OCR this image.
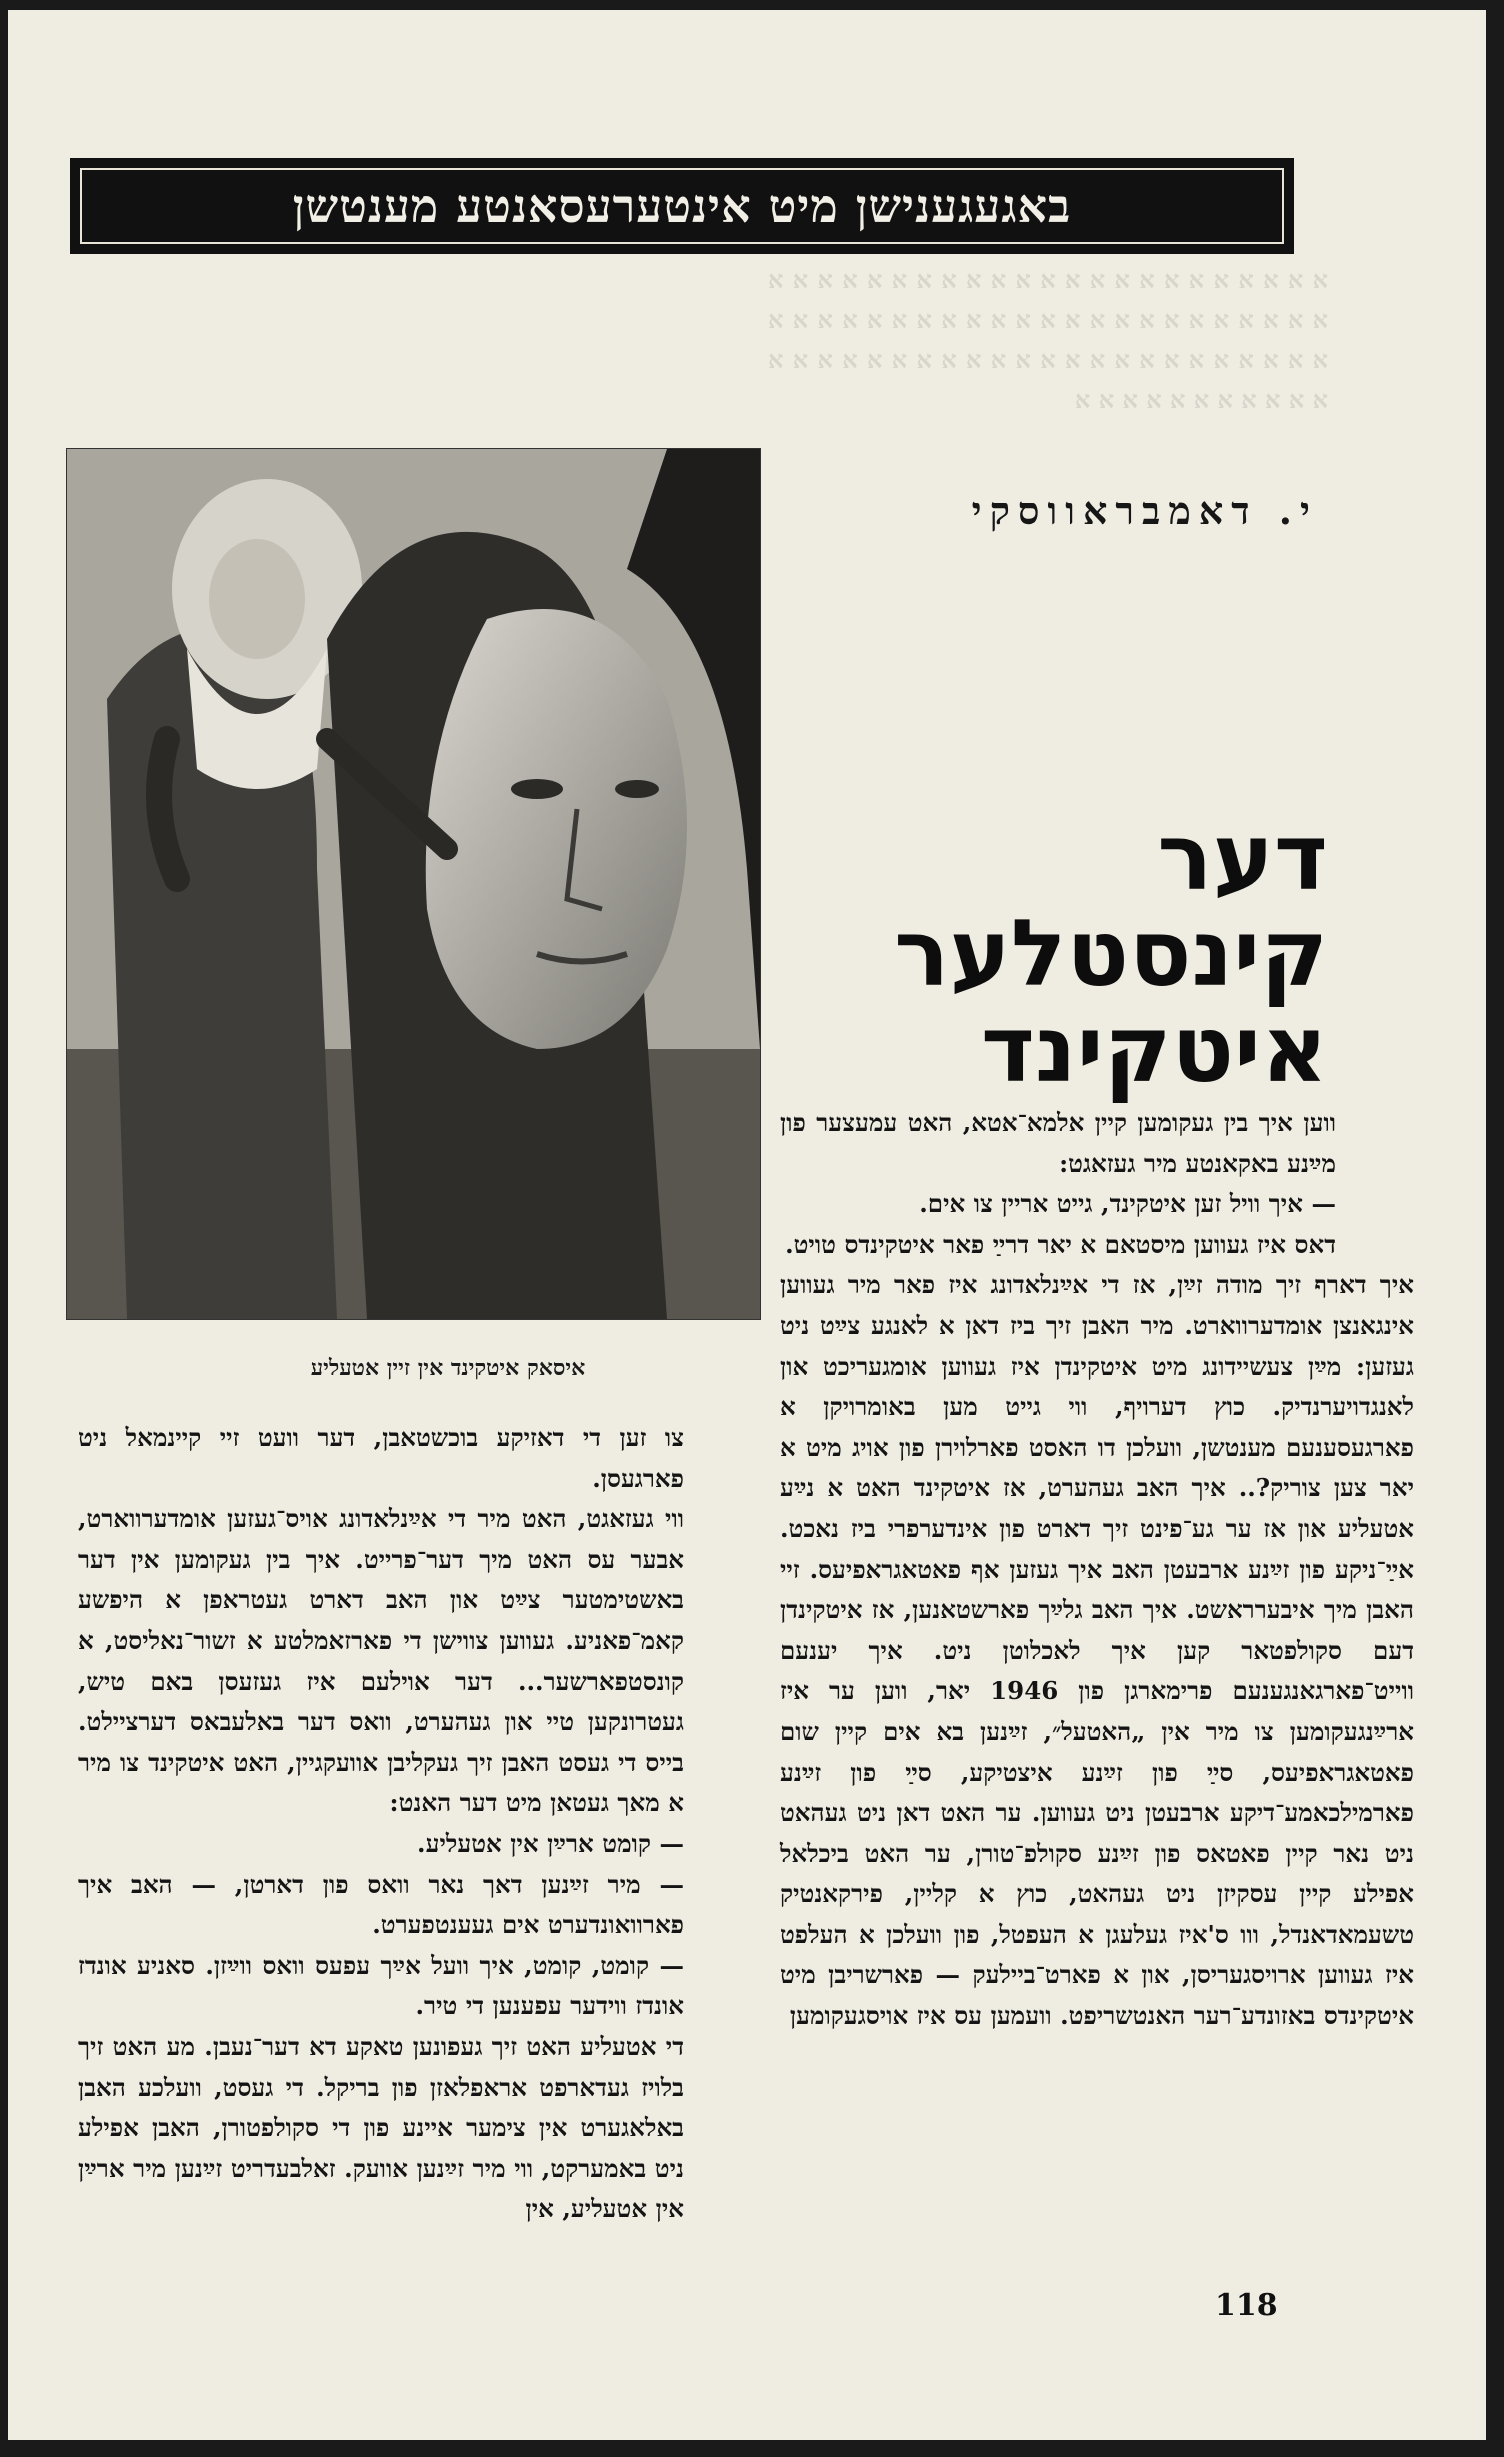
א א א א א א א א א א א א א א א א א א א א א א א א א א א א א א א א א א א א א א א א א א א א א א א א א א א א א א א א א א א א א א א א א א א א א א א א א א א א א א א א
באגעגענישן מיט אינטערעסאנטע מענטשן
איסאק איטקינד אין זיין אטעליע
י. דאמבראווסקי
דער קינסטלער
איטקינד

ווען איך בין געקומען קיין אלמא־אטא, האט עמעצער פון מײַנע באקאנטע מיר געזאגט:

— איך וויל זען איטקינד, גייט אריין צו אים.

דאס איז געווען מיסטאם א יאר דרײַ פאר איטקינדס טויט.

איך דארף זיך מודה זײַן, אז די אײַנלאדונג איז פאר מיר געווען אינגאנצן אומדערווארט. מיר האבן זיך ביז דאן א לאנגע צײַט ניט געזען: מײַן צעשיידונג מיט איטקינדן איז געווען אומגעריכט און לאנגדויערנדיק. כוץ דערויף, ווי גייט מען באומרויקן א פארגעסענעם מענטשן, וועלכן דו האסט פארלוירן פון אויג מיט א יאר צען צוריק?.. איך האב געהערט, אז איטקינד האט א נײַע אטעליע און אז ער גע־פינט זיך דארט פון אינדערפרי ביז נאכט. אײַ־ניקע פון זײַנע ארבעטן האב איך געזען אף פאטאגראפיעס. זיי האבן מיך איבערראשט. איך האב גלײַך פארשטאנען, אז איטקינדן דעם סקולפטאר קען איך לאכלוטן ניט. איך יענעם ווייט־פארגאנגענעם פרימארגן פון 1946 יאר, ווען ער איז ארײַנגעקומען צו מיר אין „האטעל״, זײַנען בא אים קיין שום פאטאגראפיעס, סײַ פון זײַנע איצטיקע, סײַ פון זײַנע פארמילכאמע־דיקע ארבעטן ניט געווען. ער האט דאן ניט געהאט ניט נאר קיין פאטאס פון זײַנע סקולפ־טורן, ער האט ביכלאל אפילע קיין עסקיזן ניט געהאט, כוץ א קליין, פירקאנטיק טשעמאדאנדל, ווו ס'איז געלעגן א העפטל, פון וועלכן א העלפט איז געווען ארויסגעריסן, און א פארט־ביילעק — פארשריבן מיט איטקינדס באזונדע־רער האנטשריפט. וועמען עס איז אויסגעקומען

צו זען די דאזיקע בוכשטאבן, דער וועט זיי קיינמאל ניט פארגעסן.

ווי געזאגט, האט מיר די אײַנלאדונג אויס־געזען אומדערווארט, אבער עס האט מיך דער־פרייט. איך בין געקומען אין דער באשטימטער צײַט און האב דארט געטראפן א היפשע קאמ־פאניע. געווען צווישן די פארזאמלטע א זשור־נאליסט, א קונסטפארשער... דער אוילעם איז געזעסן באם טיש, געטרונקען טיי און געהערט, וואס דער באלעבאס דערציילט. בייס די געסט האבן זיך געקליבן אוועקגיין, האט איטקינד צו מיר א מאך געטאן מיט דער האנט:

— קומט ארײַן אין אטעליע.

— מיר זײַנען דאך נאר וואס פון דארטן, — האב איך פארוואונדערט אים געענטפערט.

— קומט, קומט, איך וועל אײַך עפעס וואס ווײַזן. סאניע אונדז אונדז ווידער עפענען די טיר.

די אטעליע האט זיך געפונען טאקע דא דער־נעבן. מע האט זיך בלויז געדארפט אראפלאזן פון בריקל. די געסט, וועלכע האבן באלאגערט אין צימער איינע פון די סקולפטורן, האבן אפילע ניט באמערקט, ווי מיר זײַנען אוועק. זאלבעדריט זײַנען מיר ארײַן אין אטעליע, אין

118
